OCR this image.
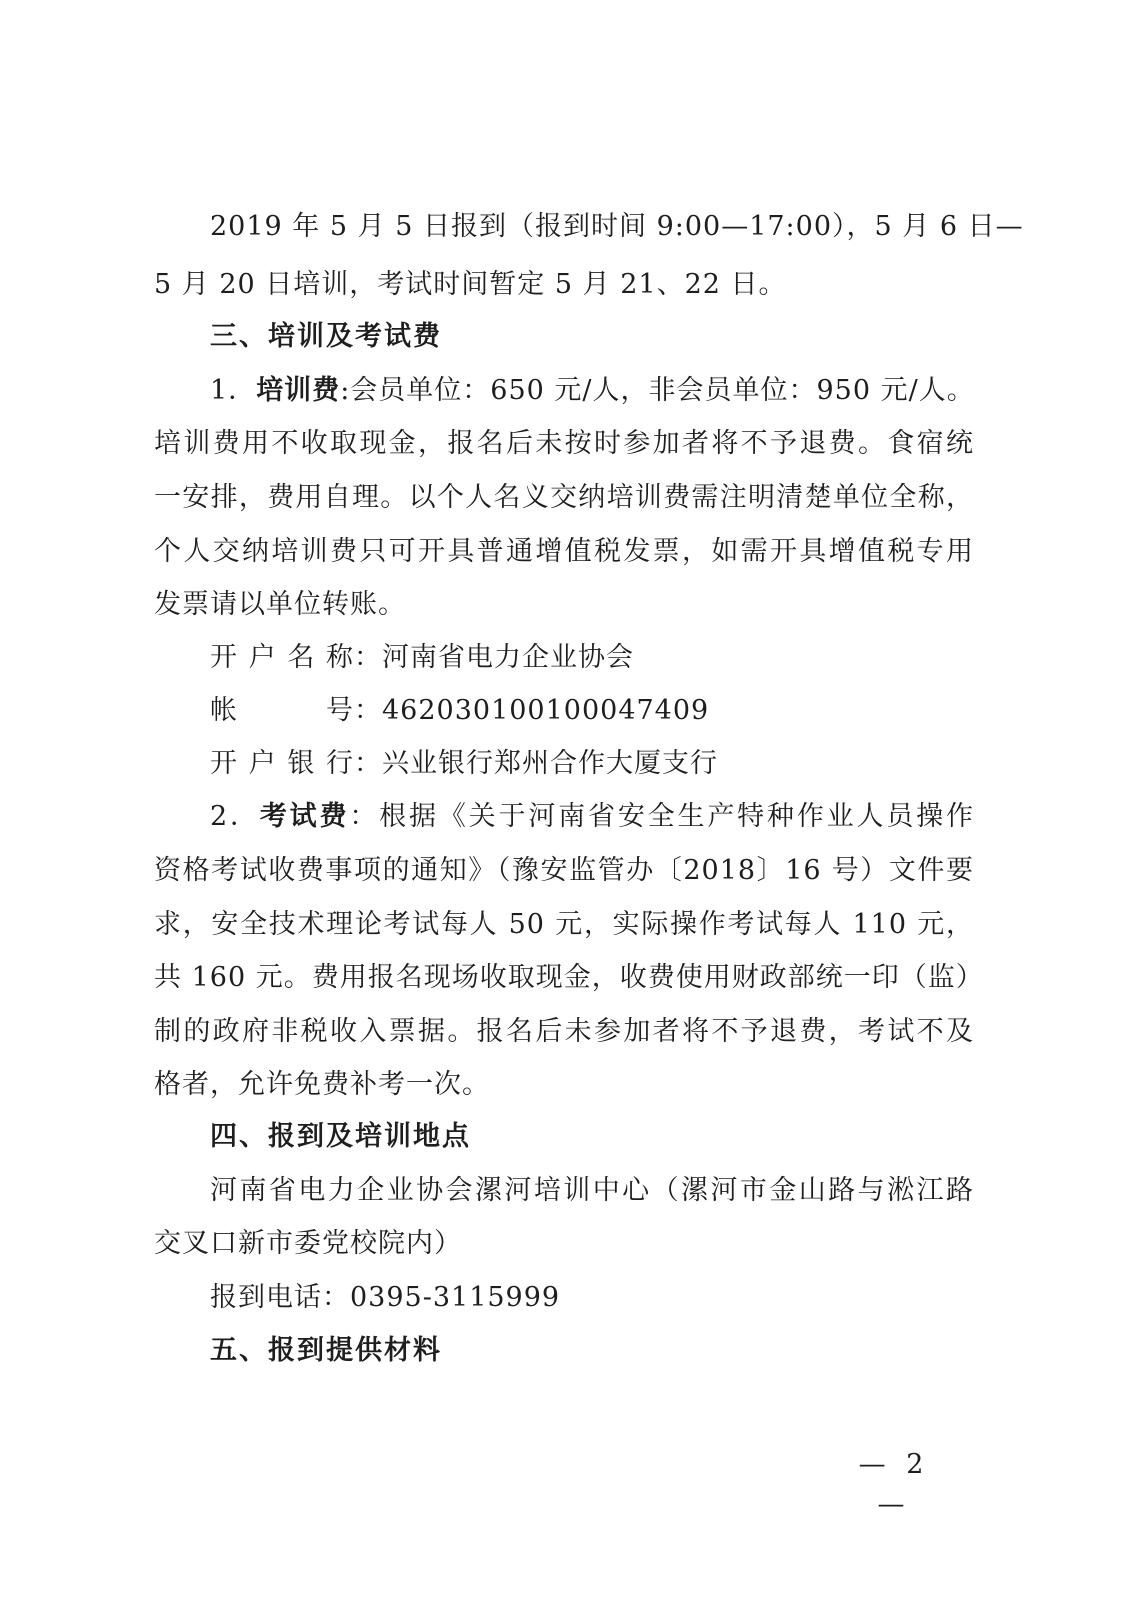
2019 年 5 月 5 日报到（报到时间 9:00—17:00），5 月 6 日—
5 月 20 日培训，考试时间暂定 5 月 21、22 日。
三、培训及考试费
1．培训费:会员单位：650 元/人，非会员单位：950 元/人。
培训费用不收取现金，报名后未按时参加者将不予退费。食宿统
一安排，费用自理。以个人名义交纳培训费需注明清楚单位全称，
个人交纳培训费只可开具普通增值税发票，如需开具增值税专用
发票请以单位转账。
开户名称：河南省电力企业协会
帐号：462030100100047409
开户银行：兴业银行郑州合作大厦支行
2．考试费：根据《关于河南省安全生产特种作业人员操作
资格考试收费事项的通知》（豫安监管办〔2018〕16 号）文件要
求，安全技术理论考试每人 50 元，实际操作考试每人 110 元，
共 160 元。费用报名现场收取现金，收费使用财政部统一印（监）
制的政府非税收入票据。报名后未参加者将不予退费，考试不及
格者，允许免费补考一次。
四、报到及培训地点
河南省电力企业协会漯河培训中心（漯河市金山路与淞江路
交叉口新市委党校院内）
报到电话：0395-3115999
五、报到提供材料
— 2 —
